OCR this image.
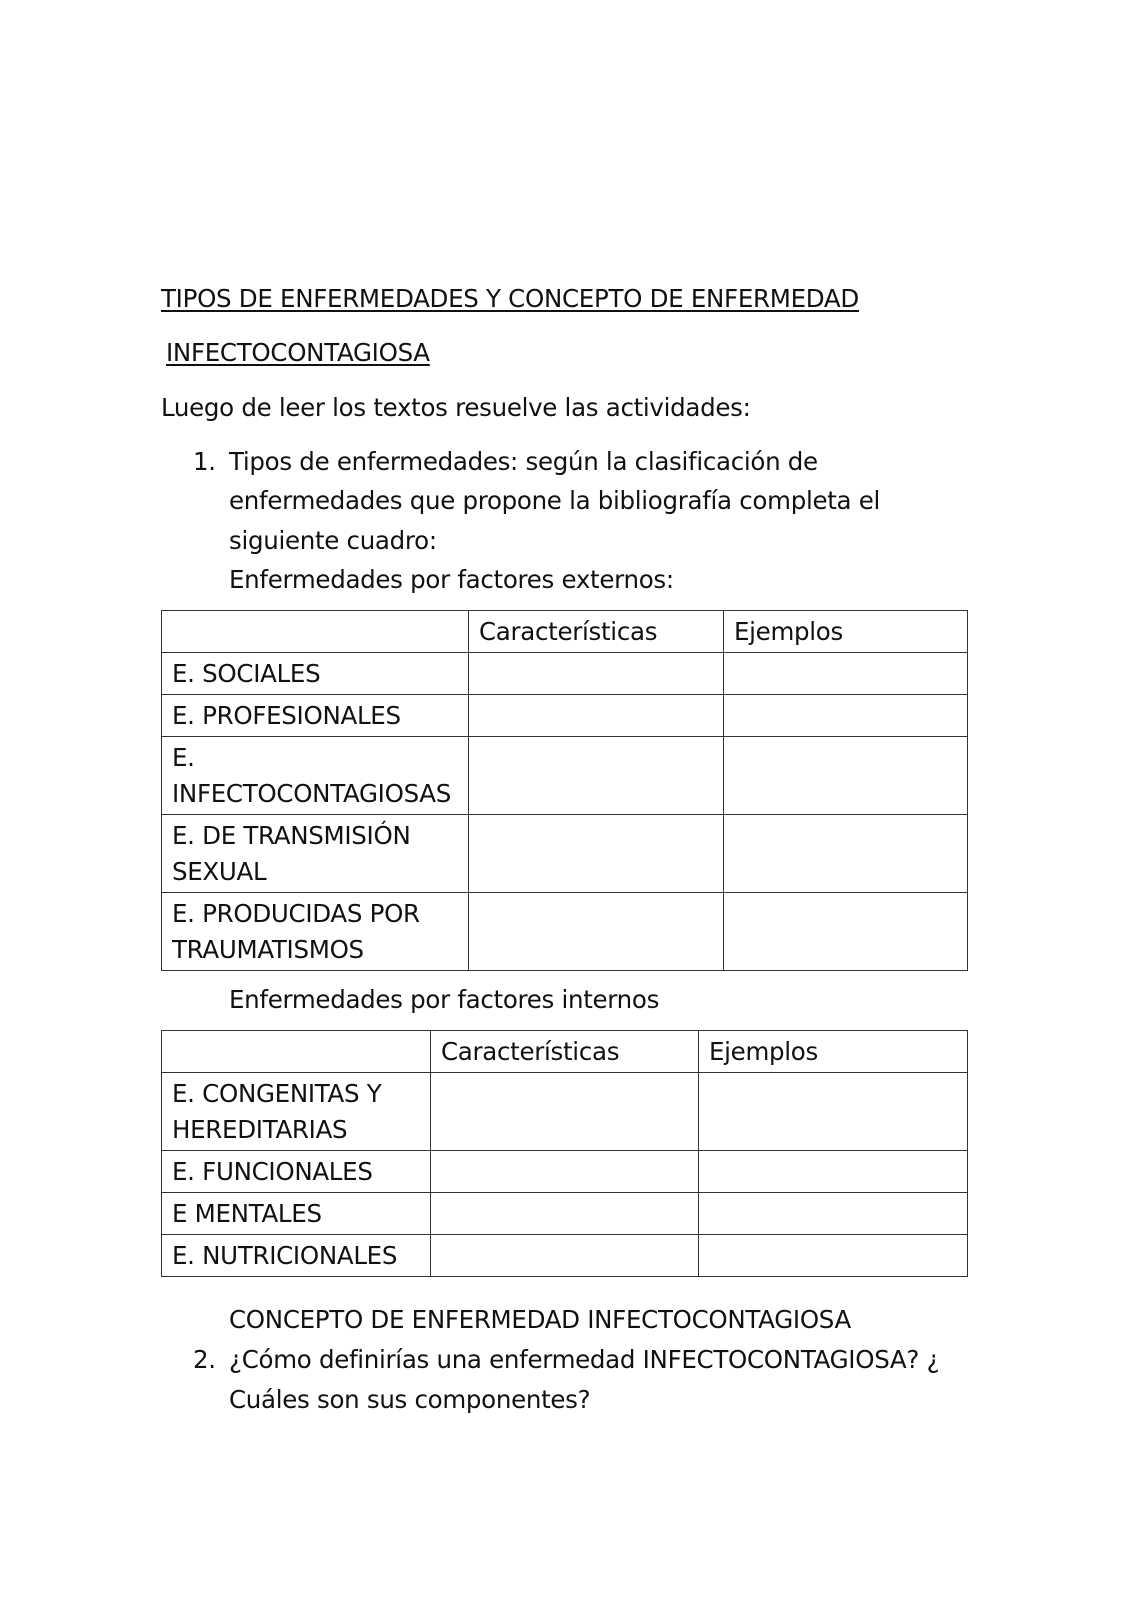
TIPOS DE ENFERMEDADES Y CONCEPTO DE ENFERMEDAD
INFECTOCONTAGIOSA
Luego de leer los textos resuelve las actividades:
1. Tipos de enfermedades: según la clasificación de
enfermedades que propone la bibliografía completa el
siguiente cuadro:
Enfermedades por factores externos:
	Características	Ejemplos
E. SOCIALES		
E. PROFESIONALES		
E. INFECTOCONTAGIOSAS		
E. DE TRANSMISIÓN SEXUAL		
E. PRODUCIDAS POR TRAUMATISMOS		
Enfermedades por factores internos
	Características	Ejemplos
E. CONGENITAS Y HEREDITARIAS		
E. FUNCIONALES		
E MENTALES		
E. NUTRICIONALES		
CONCEPTO DE ENFERMEDAD INFECTOCONTAGIOSA
2. ¿Cómo definirías una enfermedad INFECTOCONTAGIOSA? ¿
Cuáles son sus componentes?
